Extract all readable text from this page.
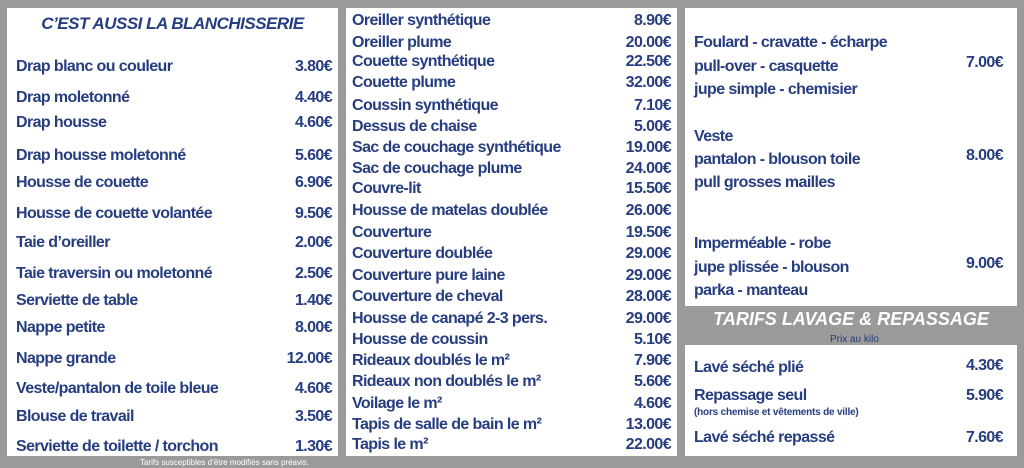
C’EST AUSSI LA BLANCHISSERIE
Drap blanc ou couleur	3.80€
Drap moletonné	4.40€
Drap housse	4.60€
Drap housse moletonné	5.60€
Housse de couette	6.90€
Housse de couette volantée	9.50€
Taie d’oreiller	2.00€
Taie traversin ou moletonné	2.50€
Serviette de table	1.40€
Nappe petite	8.00€
Nappe grande	12.00€
Veste/pantalon de toile bleue	4.60€
Blouse de travail	3.50€
Serviette de toilette / torchon	1.30€
Oreiller synthétique	8.90€
Oreiller plume	20.00€
Couette synthétique	22.50€
Couette plume	32.00€
Coussin synthétique	7.10€
Dessus de chaise	5.00€
Sac de couchage synthétique	19.00€
Sac de couchage plume	24.00€
Couvre-lit	15.50€
Housse de matelas doublée	26.00€
Couverture	19.50€
Couverture doublée	29.00€
Couverture pure laine	29.00€
Couverture de cheval	28.00€
Housse de canapé 2-3 pers.	29.00€
Housse de coussin	5.10€
Rideaux doublés le m²	7.90€
Rideaux non doublés le m²	5.60€
Voilage le m²	4.60€
Tapis de salle de bain le m²	13.00€
Tapis le m²	22.00€
Foulard - cravatte - écharpe
pull-over - casquette
jupe simple - chemisier
7.00€
Veste
pantalon - blouson toile
pull grosses mailles
8.00€
Imperméable - robe
jupe plissée - blouson
parka - manteau
9.00€
TARIFS LAVAGE & REPASSAGE
Prix au kilo
Lavé séché plié	4.30€
Repassage seul
(hors chemise et vêtements de ville)
5.90€
Lavé séché repassé	7.60€
Tarifs susceptibles d’être modifiés sans préavis.
